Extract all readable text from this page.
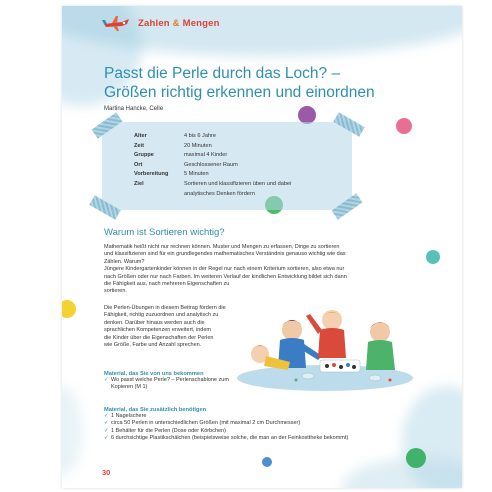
Zahlen & Mengen
Passt die Perle durch das Loch? –
Größen richtig erkennen und einordnen
Martina Hancke, Celle
Alter	4 bis 6 Jahre
Zeit	20 Minuten
Gruppe	maximal 4 Kinder
Ort	Geschlossener Raum
Vorbereitung	5 Minuten
Ziel	Sortieren und klassifizieren üben und dabei
analytisches Denken fördern
Warum ist Sortieren wichtig?

Mathematik heißt nicht nur rechnen können. Muster und Mengen zu erfassen, Dinge zu sortieren

und klassifizieren sind für ein grundlegendes mathematisches Verständnis genauso wichtig wie das

Zählen. Warum?

Jüngere Kindergartenkinder können in der Regel nur nach einem Kriterium sortieren, also etwa nur

nach Größen oder nur nach Farben. Im weiteren Verlauf der kindlichen Entwicklung bildet sich dann

die Fähigkeit aus, nach mehreren Eigenschaften zu

sortieren.

Die Perlen-Übungen in diesem Beitrag fördern die

Fähigkeit, richtig zuzuordnen und analytisch zu

denken. Darüber hinaus werden auch die

sprachlichen Kompetenzen erweitert, indem

die Kinder über die Eigenschaften der Perlen

wie Größe, Farbe und Anzahl sprechen.

Material, das Sie von uns bekommen
✓ Wo passt welche Perle? – Perlenschablone zum
Kopieren (M 1)
Material, das Sie zusätzlich benötigen
✓ 1 Nagelschere
✓ circa 50 Perlen in unterschiedlichen Größen (mit maximal 2 cm Durchmesser)
✓ 1 Behälter für die Perlen (Dose oder Körbchen)
✓ 6 durchsichtige Plastikschälchen (beispielsweise solche, die man an der Feinkosttheke bekommt)
30
